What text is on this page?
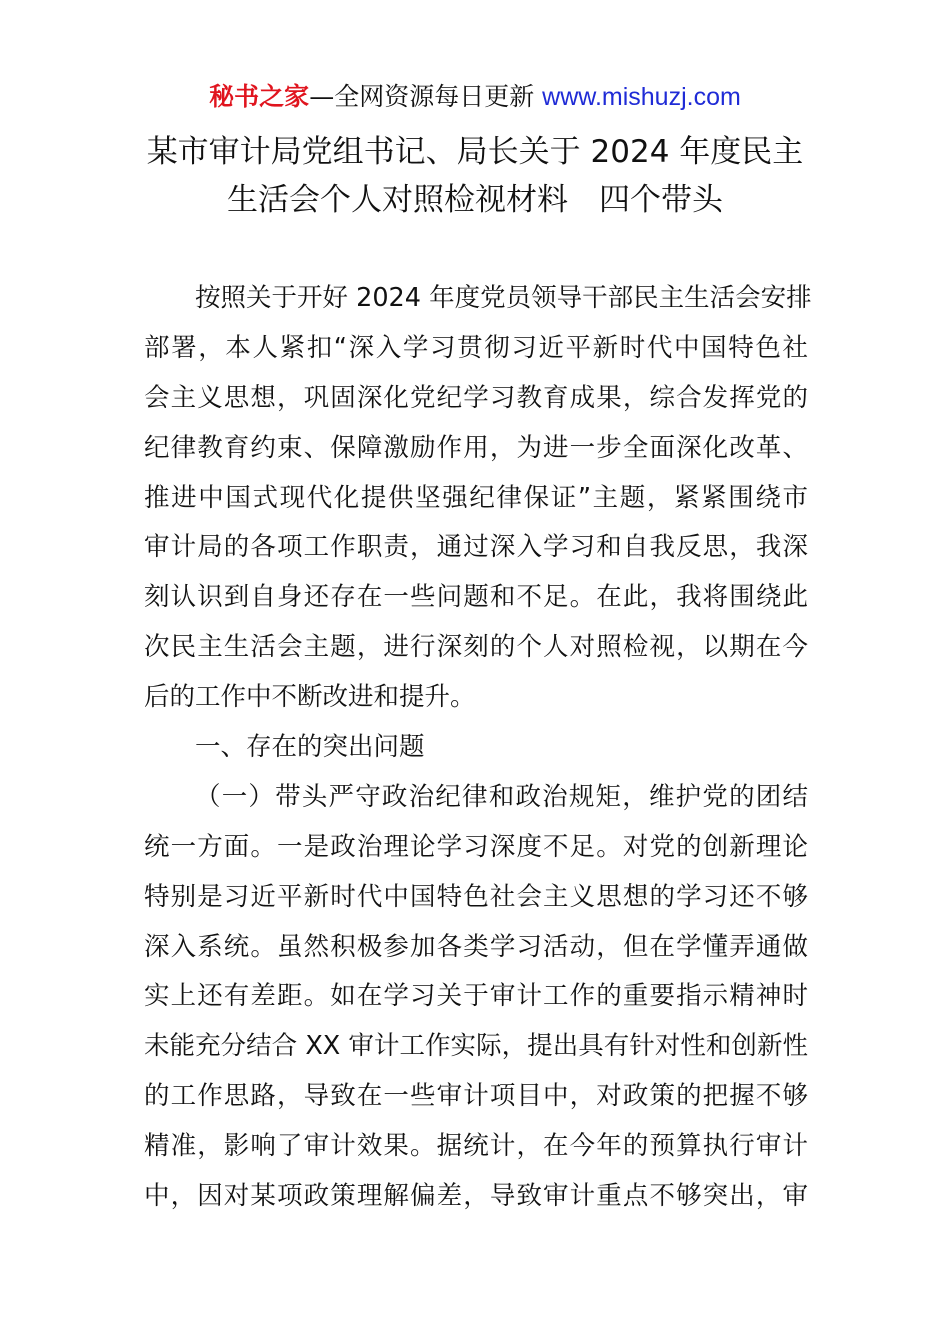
秘书之家—全网资源每日更新 www.mishuzj.com
某市审计局党组书记、局长关于 2024 年度民主
生活会个人对照检视材料　四个带头
按照关于开好 2024 年度党员领导干部民主生活会安排
部署，本人紧扣“深入学习贯彻习近平新时代中国特色社
会主义思想，巩固深化党纪学习教育成果，综合发挥党的
纪律教育约束、保障激励作用，为进一步全面深化改革、
推进中国式现代化提供坚强纪律保证”主题，紧紧围绕市
审计局的各项工作职责，通过深入学习和自我反思，我深
刻认识到自身还存在一些问题和不足。在此，我将围绕此
次民主生活会主题，进行深刻的个人对照检视，以期在今
后的工作中不断改进和提升。
一、存在的突出问题
（一）带头严守政治纪律和政治规矩，维护党的团结
统一方面。一是政治理论学习深度不足。对党的创新理论
特别是习近平新时代中国特色社会主义思想的学习还不够
深入系统。虽然积极参加各类学习活动，但在学懂弄通做
实上还有差距。如在学习关于审计工作的重要指示精神时
未能充分结合 XX 审计工作实际，提出具有针对性和创新性
的工作思路，导致在一些审计项目中，对政策的把握不够
精准，影响了审计效果。据统计，在今年的预算执行审计
中，因对某项政策理解偏差，导致审计重点不够突出，审
